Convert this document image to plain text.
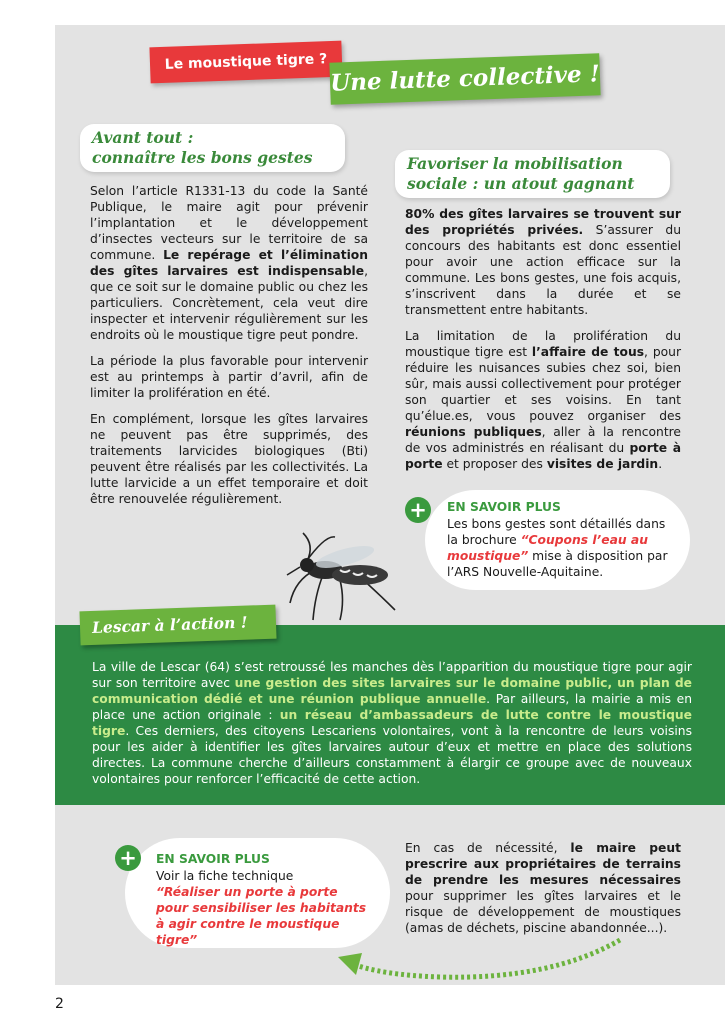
Le moustique tigre ? Une lutte collective !
Avant tout :
connaître les bons gestes

Selon l’article R1331-13 du code la Santé Publique, le maire agit pour prévenir l’implantation et le développement d’insectes vecteurs sur le territoire de sa commune. Le repérage et l’élimination des gîtes larvaires est indispensable, que ce soit sur le domaine public ou chez les particuliers. Concrètement, cela veut dire inspecter et intervenir régulièrement sur les endroits où le moustique tigre peut pondre.

La période la plus favorable pour intervenir est au printemps à partir d’avril, afin de limiter la prolifération en été.

En complément, lorsque les gîtes larvaires ne peuvent pas être supprimés, des traitements larvicides biologiques (Bti) peuvent être réalisés par les collectivités. La lutte larvicide a un effet temporaire et doit être renouvelée régulièrement.

Favoriser la mobilisation
sociale : un atout gagnant

80% des gîtes larvaires se trouvent sur des propriétés privées. S’assurer du concours des habitants est donc essentiel pour avoir une action efficace sur la commune. Les bons gestes, une fois acquis, s’inscrivent dans la durée et se transmettent entre habitants.

La limitation de la prolifération du moustique tigre est l’affaire de tous, pour réduire les nuisances subies chez soi, bien sûr, mais aussi collectivement pour protéger son quartier et ses voisins. En tant qu’élue.es, vous pouvez organiser des réunions publiques, aller à la rencontre de vos administrés en réalisant du porte à porte et proposer des visites de jardin.

+	EN SAVOIR PLUS
Les bons gestes sont détaillés dans la brochure “Coupons l’eau au moustique” mise à disposition par l’ARS Nouvelle-Aquitaine.
Lescar à l’action !
La ville de Lescar (64) s’est retroussé les manches dès l’apparition du moustique tigre pour agir sur son territoire avec une gestion des sites larvaires sur le domaine public, un plan de communication dédié et une réunion publique annuelle. Par ailleurs, la mairie a mis en place une action originale : un réseau d’ambassadeurs de lutte contre le moustique tigre. Ces derniers, des citoyens Lescariens volontaires, vont à la rencontre de leurs voisins pour les aider à identifier les gîtes larvaires autour d’eux et mettre en place des solutions directes. La commune cherche d’ailleurs constamment à élargir ce groupe avec de nouveaux volontaires pour renforcer l’efficacité de cette action.
+	EN SAVOIR PLUS
Voir la fiche technique
“Réaliser un porte à porte pour sensibiliser les habitants à agir contre le moustique tigre”
En cas de nécessité, le maire peut prescrire aux propriétaires de terrains de prendre les mesures nécessaires pour supprimer les gîtes larvaires et le risque de développement de moustiques (amas de déchets, piscine abandonnée...).
2
